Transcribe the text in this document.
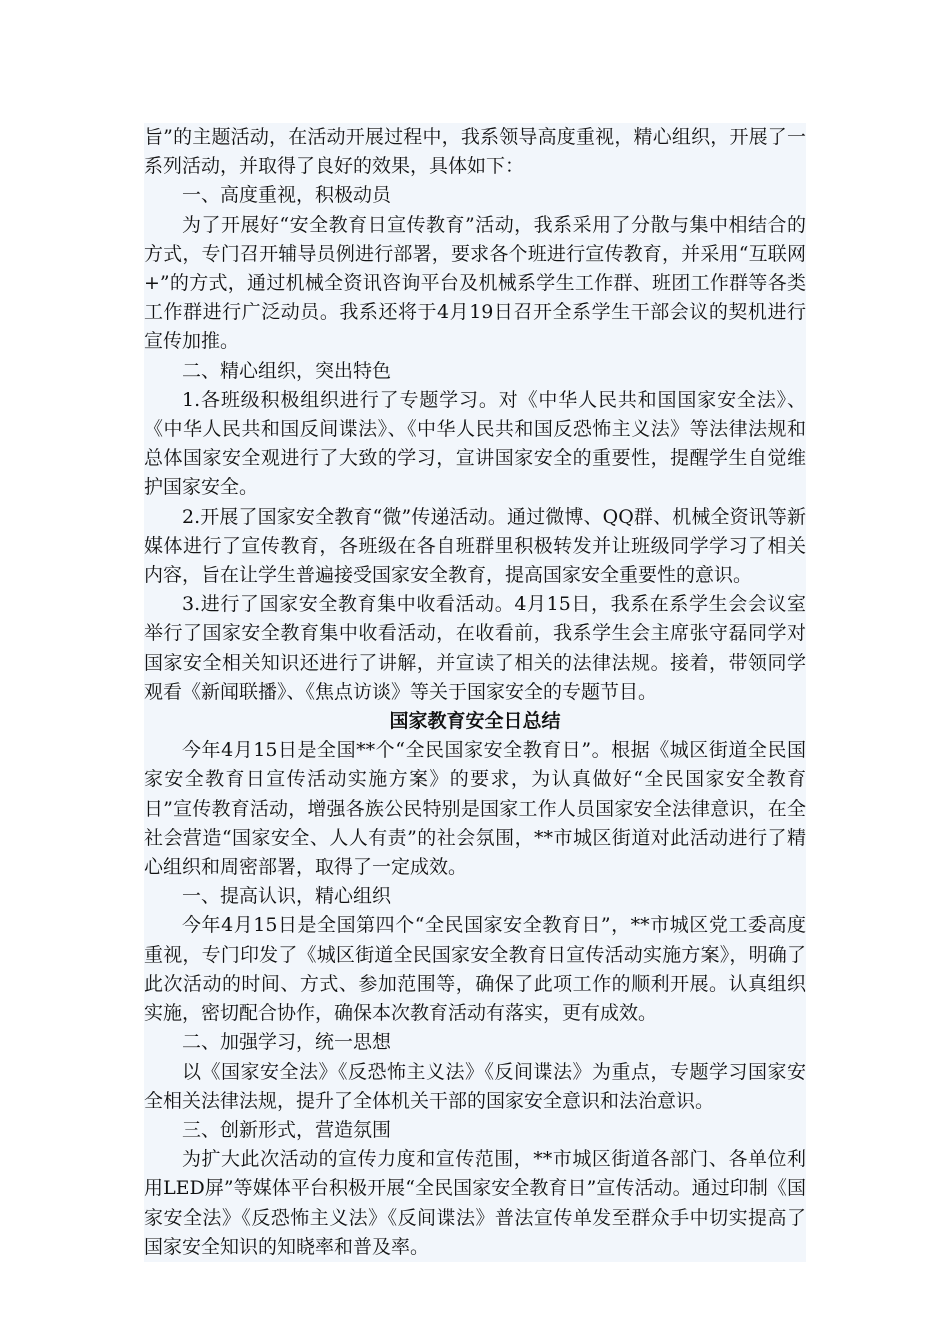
旨”的主题活动，在活动开展过程中，我系领导高度重视，精心组织，开展了一系列活动，并取得了良好的效果，具体如下：

一、高度重视，积极动员

为了开展好“安全教育日宣传教育”活动，我系采用了分散与集中相结合的方式，专门召开辅导员例进行部署，要求各个班进行宣传教育，并采用“互联网+”的方式，通过机械全资讯咨询平台及机械系学生工作群、班团工作群等各类工作群进行广泛动员。我系还将于4月19日召开全系学生干部会议的契机进行宣传加推。

二、精心组织，突出特色

1.各班级积极组织进行了专题学习。对《中华人民共和国国家安全法》、《中华人民共和国反间谍法》、《中华人民共和国反恐怖主义法》等法律法规和总体国家安全观进行了大致的学习，宣讲国家安全的重要性，提醒学生自觉维护国家安全。

2.开展了国家安全教育“微”传递活动。通过微博、QQ群、机械全资讯等新媒体进行了宣传教育，各班级在各自班群里积极转发并让班级同学学习了相关内容，旨在让学生普遍接受国家安全教育，提高国家安全重要性的意识。

3.进行了国家安全教育集中收看活动。4月15日，我系在系学生会会议室举行了国家安全教育集中收看活动，在收看前，我系学生会主席张守磊同学对国家安全相关知识还进行了讲解，并宣读了相关的法律法规。接着，带领同学观看《新闻联播》、《焦点访谈》等关于国家安全的专题节目。

国家教育安全日总结

今年4月15日是全国**个“全民国家安全教育日”。根据《城区街道全民国家安全教育日宣传活动实施方案》的要求，为认真做好“全民国家安全教育日”宣传教育活动，增强各族公民特别是国家工作人员国家安全法律意识，在全社会营造“国家安全、人人有责”的社会氛围，**市城区街道对此活动进行了精心组织和周密部署，取得了一定成效。

一、提高认识，精心组织

今年4月15日是全国第四个“全民国家安全教育日”，**市城区党工委高度重视，专门印发了《城区街道全民国家安全教育日宣传活动实施方案》，明确了此次活动的时间、方式、参加范围等，确保了此项工作的顺利开展。认真组织实施，密切配合协作，确保本次教育活动有落实，更有成效。

二、加强学习，统一思想

以《国家安全法》《反恐怖主义法》《反间谍法》为重点，专题学习国家安全相关法律法规，提升了全体机关干部的国家安全意识和法治意识。

三、创新形式，营造氛围

为扩大此次活动的宣传力度和宣传范围，**市城区街道各部门、各单位利用LED屏”等媒体平台积极开展“全民国家安全教育日”宣传活动。通过印制《国家安全法》《反恐怖主义法》《反间谍法》普法宣传单发至群众手中切实提高了国家安全知识的知晓率和普及率。
